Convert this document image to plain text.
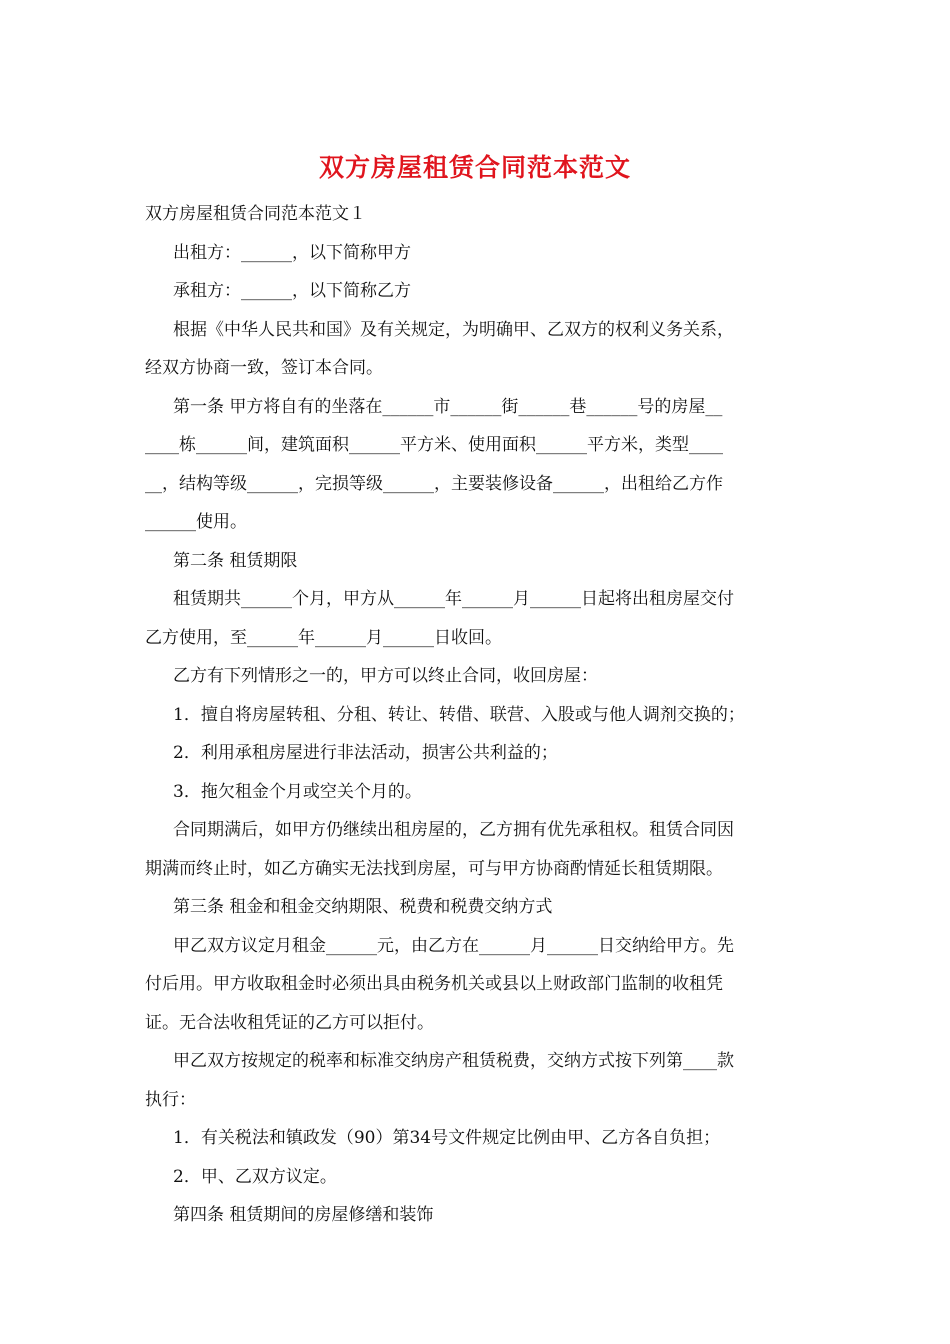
双方房屋租赁合同范本范文
双方房屋租赁合同范本范文１
出租方：______，以下简称甲方
承租方：______，以下简称乙方
根据《中华人民共和国》及有关规定，为明确甲、乙双方的权利义务关系，
经双方协商一致，签订本合同。
第一条 甲方将自有的坐落在______市______街______巷______号的房屋__
____栋______间，建筑面积______平方米、使用面积______平方米，类型____
__，结构等级______，完损等级______，主要装修设备______，出租给乙方作
______使用。
第二条 租赁期限
租赁期共______个月，甲方从______年______月______日起将出租房屋交付
乙方使用，至______年______月______日收回。
乙方有下列情形之一的，甲方可以终止合同，收回房屋：
1．擅自将房屋转租、分租、转让、转借、联营、入股或与他人调剂交换的；
2．利用承租房屋进行非法活动，损害公共利益的；
3．拖欠租金个月或空关个月的。
合同期满后，如甲方仍继续出租房屋的，乙方拥有优先承租权。租赁合同因
期满而终止时，如乙方确实无法找到房屋，可与甲方协商酌情延长租赁期限。
第三条 租金和租金交纳期限、税费和税费交纳方式
甲乙双方议定月租金______元，由乙方在______月______日交纳给甲方。先
付后用。甲方收取租金时必须出具由税务机关或县以上财政部门监制的收租凭
证。无合法收租凭证的乙方可以拒付。
甲乙双方按规定的税率和标准交纳房产租赁税费，交纳方式按下列第____款
执行：
1．有关税法和镇政发（90）第34号文件规定比例由甲、乙方各自负担；
2．甲、乙双方议定。
第四条 租赁期间的房屋修缮和装饰
